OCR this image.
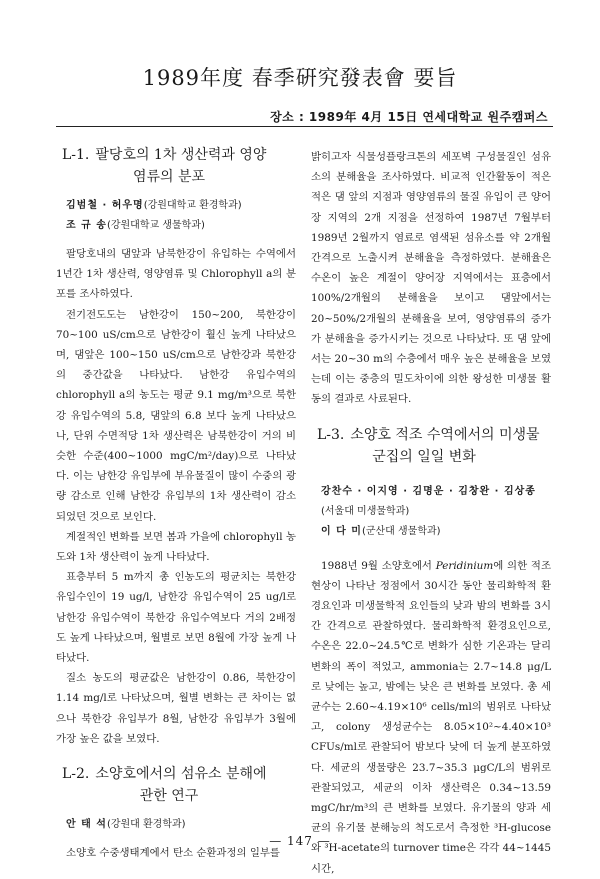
1989年度 春季硏究發表會 要旨
장소 : 1989年 4月 15日 연세대학교 원주캠퍼스
L-1. 팔당호의 1차 생산력과 영양
염류의 분포

김범철 · 허우명(강원대학교 환경학과)

조 규 송(강원대학교 생물학과)

팔당호내의 댐앞과 남북한강이 유입하는 수역에서 1년간 1차 생산력, 영양염류 및 Chlorophyll a의 분포를 조사하였다.

전기전도도는 남한강이 150~200, 북한강이 70~100 uS/cm으로 남한강이 훨신 높게 나타났으며, 댐앞은 100~150 uS/cm으로 남한강과 북한강의 중간값을 나타났다. 남한강 유입수역의 chlorophyll a의 농도는 평균 9.1 mg/m³으로 북한강 유입수역의 5.8, 댐앞의 6.8 보다 높게 나타났으나, 단위 수면적당 1차 생산력은 남북한강이 거의 비슷한 수준(400~1000 mgC/m²/day)으로 나타났다. 이는 남한강 유입부에 부유물질이 많이 수중의 광량 감소로 인해 남한강 유입부의 1차 생산력이 감소 되었던 것으로 보인다.

계절적인 변화를 보면 봄과 가을에 chlorophyll 농도와 1차 생산력이 높게 나타났다.

표층부터 5 m까지 총 인농도의 평균치는 북한강 유입수인이 19 ug/l, 남한강 유입수역이 25 ug/l로 남한강 유입수역이 북한강 유입수역보다 거의 2배정도 높게 나타났으며, 월별로 보면 8월에 가장 높게 나타났다.

질소 농도의 평균값은 남한강이 0.86, 북한강이 1.14 mg/l로 나타났으며, 월별 변화는 큰 차이는 없으나 북한강 유입부가 8월, 남한강 유입부가 3월에 가장 높은 값을 보였다.

L-2. 소양호에서의 섬유소 분해에
관한 연구

안 태 석(강원대 환경학과)

소양호 수중생태계에서 탄소 순환과정의 일부를

밝히고자 식물성플랑크톤의 세포벽 구성물질인 섬유소의 분해율을 조사하였다. 비교적 인간활동이 적은 적은 댐 앞의 지점과 영양염류의 물질 유입이 큰 양어장 지역의 2개 지점을 선정하여 1987년 7월부터 1989년 2월까지 염료로 염색된 섬유소를 약 2개월 간격으로 노출시켜 분해율을 측정하였다. 분해율은 수온이 높은 계절이 양어장 지역에서는 표층에서 100%/2개월의 분해율을 보이고 댐앞에서는 20~50%/2개월의 분해율을 보여, 영양염류의 증가가 분해율을 증가시키는 것으로 나타났다. 또 댐 앞에서는 20~30 m의 수층에서 매우 높은 분해율을 보였는데 이는 중층의 밀도차이에 의한 왕성한 미생물 활동의 결과로 사료된다.

L-3. 소양호 적조 수역에서의 미생물
군집의 일일 변화

강찬수 · 이지영 · 김명운 · 김창완 · 김상종

(서울대 미생물학과)

이 다 미(군산대 생물학과)

1988년 9월 소양호에서 Peridinium에 의한 적조현상이 나타난 정점에서 30시간 동안 물리화학적 환경요인과 미생물학적 요인들의 낮과 밤의 변화를 3시간 간격으로 관찰하였다. 물리화학적 환경요인으로, 수온은 22.0~24.5℃로 변화가 심한 기온과는 달리 변화의 폭이 적었고, ammonia는 2.7~14.8 μg/L로 낮에는 높고, 밤에는 낮은 큰 변화를 보였다. 총 세균수는 2.60~4.19×10⁶ cells/ml의 범위로 나타났고, colony 생성균수는 8.05×10²~4.40×10³ CFUs/ml로 관찰되어 밤보다 낮에 더 높게 분포하였다. 세균의 생물량은 23.7~35.3 μgC/L의 범위로 관찰되었고, 세균의 이차 생산력은 0.34~13.59 mgC/hr/m³의 큰 변화를 보였다. 유기물의 양과 세균의 유기물 분해능의 척도로서 측정한 ³H-glucose와 ³H-acetate의 turnover time은 각각 44~1445 시간,

— 147 —
